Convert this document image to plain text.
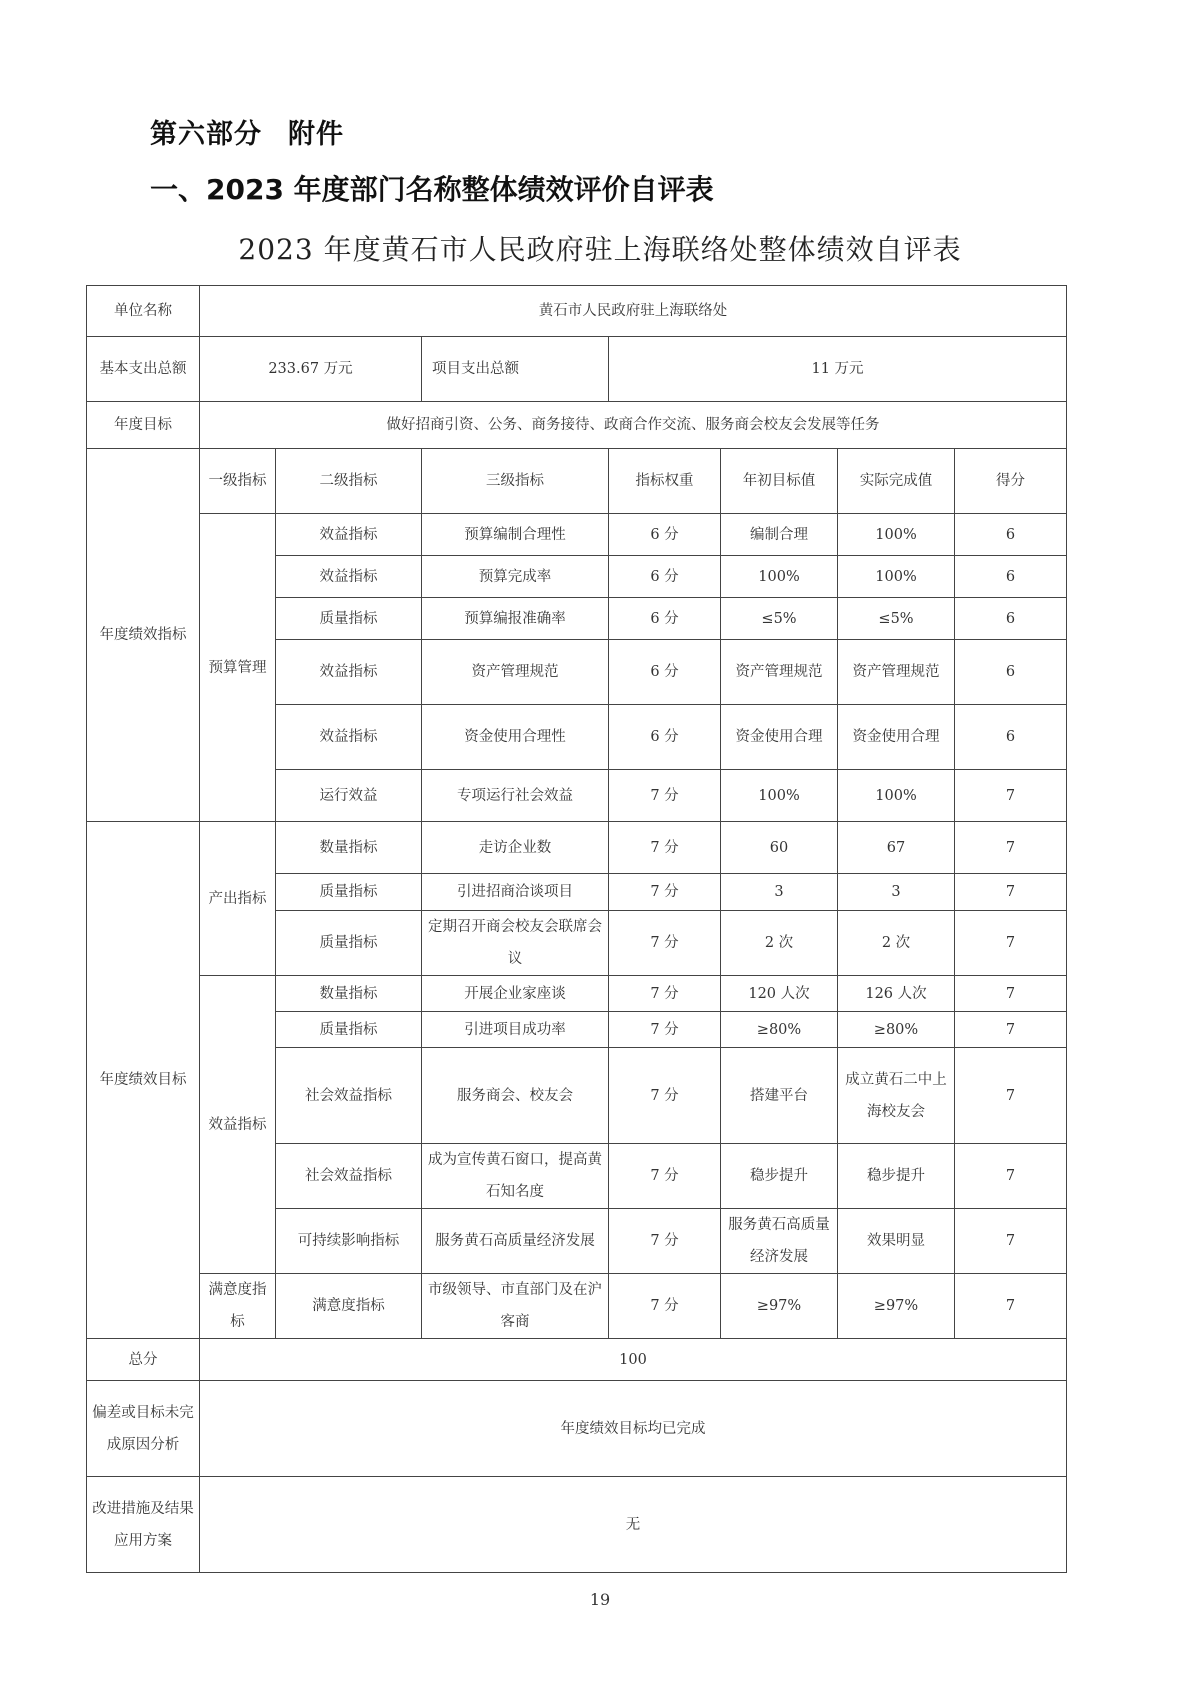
第六部分 附件
一、2023 年度部门名称整体绩效评价自评表
2023 年度黄石市人民政府驻上海联络处整体绩效自评表
单位名称	黄石市人民政府驻上海联络处						
基本支出总额	233.67 万元		项目支出总额	11 万元			
年度目标	做好招商引资、公务、商务接待、政商合作交流、服务商会校友会发展等任务						
年度绩效指标	一级指标	二级指标	三级指标	指标权重	年初目标值	实际完成值	得分
	预算管理	效益指标	预算编制合理性	6 分	编制合理	100%	6
		效益指标	预算完成率	6 分	100%	100%	6
		质量指标	预算编报准确率	6 分	≤5%	≤5%	6
		效益指标	资产管理规范	6 分	资产管理规范	资产管理规范	6
		效益指标	资金使用合理性	6 分	资金使用合理	资金使用合理	6
		运行效益	专项运行社会效益	7 分	100%	100%	7
年度绩效目标	产出指标	数量指标	走访企业数	7 分	60	67	7
		质量指标	引进招商洽谈项目	7 分	3	3	7
		质量指标	定期召开商会校友会联席会议	7 分	2 次	2 次	7
	效益指标	数量指标	开展企业家座谈	7 分	120 人次	126 人次	7
		质量指标	引进项目成功率	7 分	≥80%	≥80%	7
		社会效益指标	服务商会、校友会	7 分	搭建平台	成立黄石二中上海校友会	7
		社会效益指标	成为宣传黄石窗口，提高黄石知名度	7 分	稳步提升	稳步提升	7
		可持续影响指标	服务黄石高质量经济发展	7 分	服务黄石高质量经济发展	效果明显	7
	满意度指标	满意度指标	市级领导、市直部门及在沪客商	7 分	≥97%	≥97%	7
总分	100						
偏差或目标未完成原因分析	年度绩效目标均已完成						
改进措施及结果应用方案	无						
19
